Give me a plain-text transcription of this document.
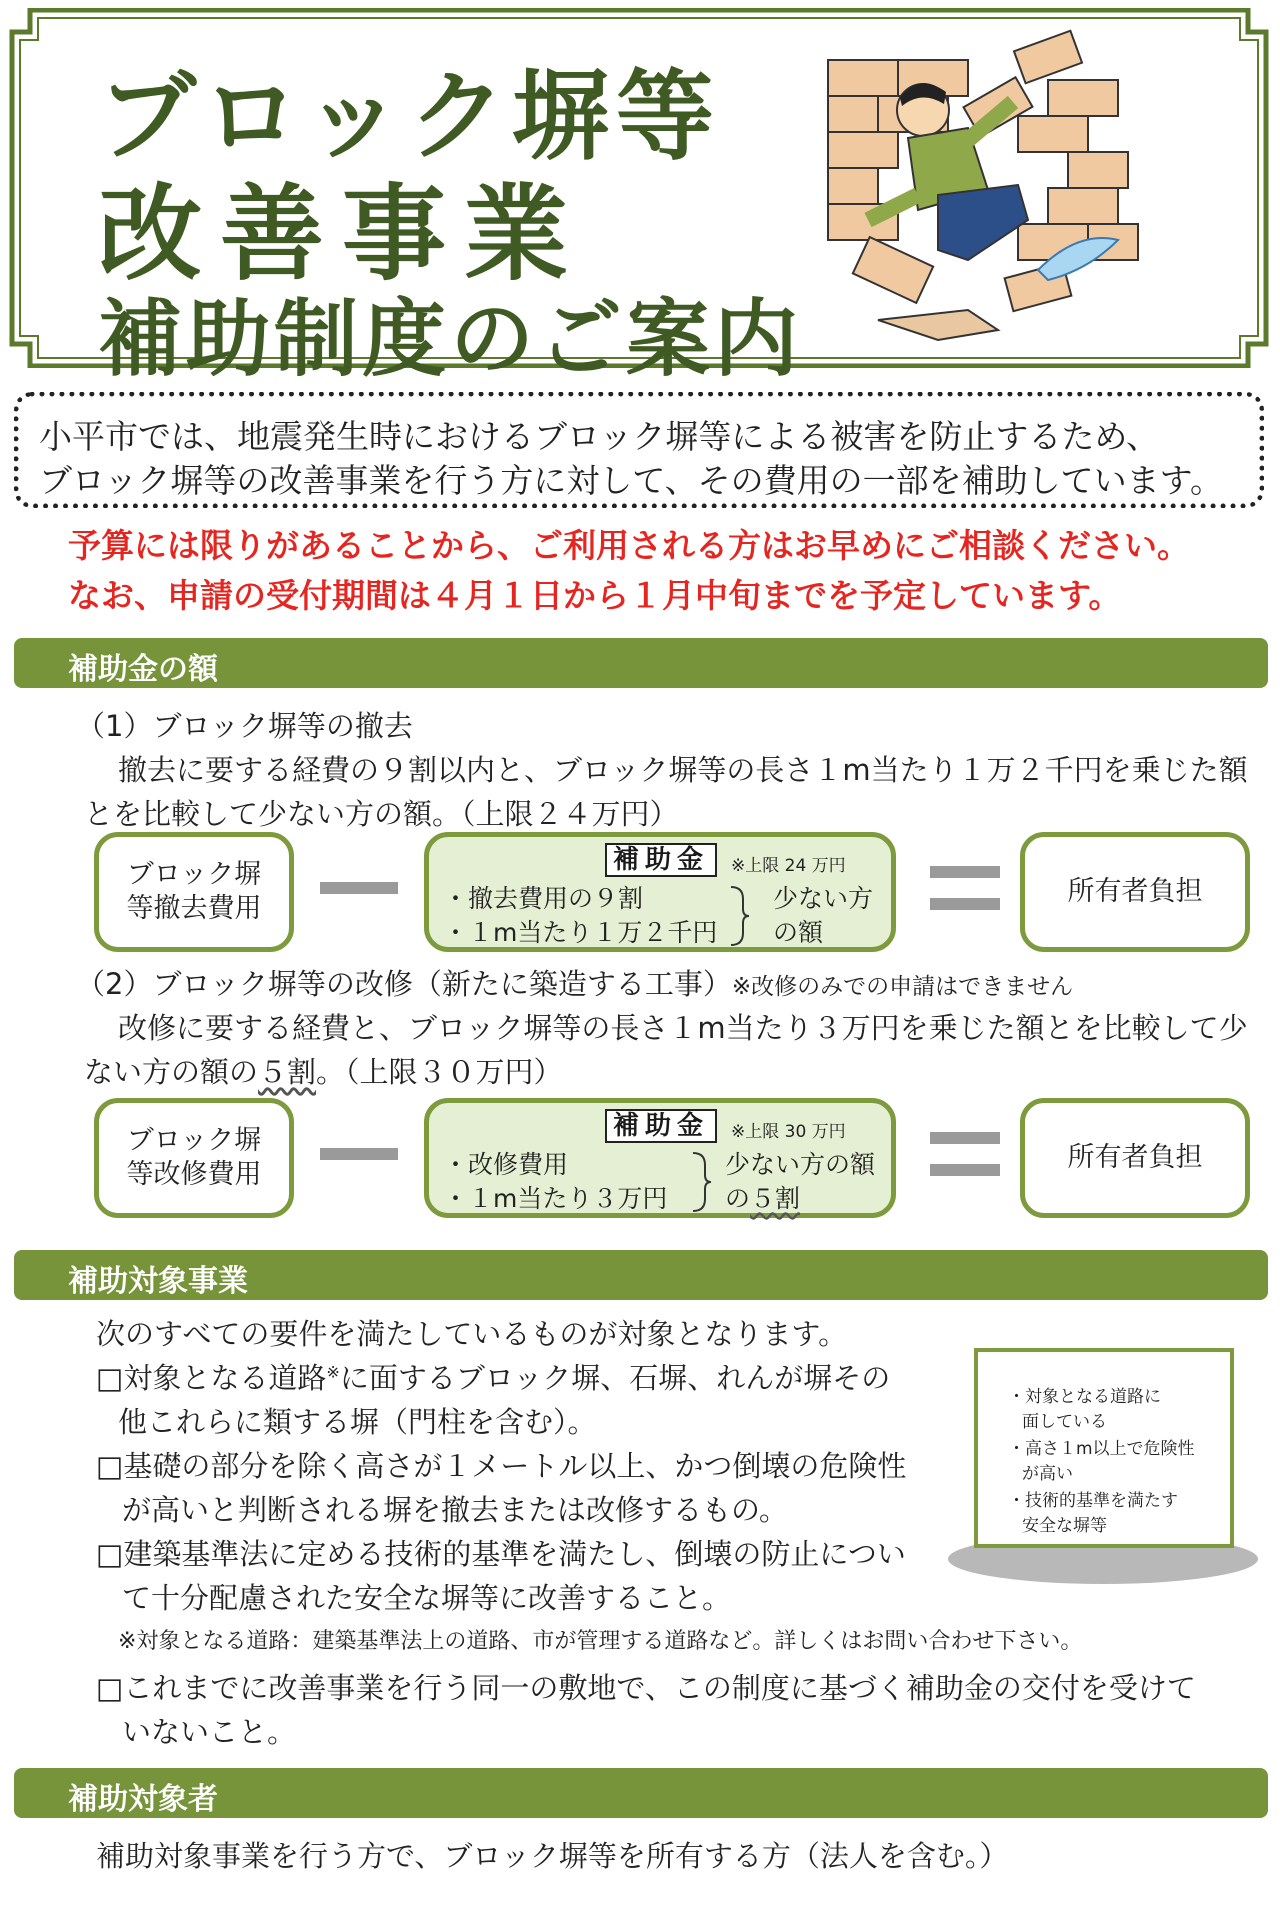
ブロック塀等
改善事業
補助制度のご案内

小平市では、地震発生時におけるブロック塀等による被害を防止するため、

ブロック塀等の改善事業を行う方に対して、その費用の一部を補助しています。

予算には限りがあることから、ご利用される方はお早めにご相談ください。
なお、申請の受付期間は４月１日から１月中旬までを予定しています。
補助金の額
（1）ブロック塀等の撤去
撤去に要する経費の９割以内と、ブロック塀等の長さ１m当たり１万２千円を乗じた額
とを比較して少ない方の額。（上限２４万円）
ブロック塀
等撤去費用
補助金	※上限 24 万円
・撤去費用の９割
・１m当たり１万２千円
少ない方
の額
所有者負担
（2）ブロック塀等の改修（新たに築造する工事）※改修のみでの申請はできません
改修に要する経費と、ブロック塀等の長さ１m当たり３万円を乗じた額とを比較して少
ない方の額の５割。（上限３０万円）
ブロック塀
等改修費用
補助金	※上限 30 万円
・改修費用
・１m当たり３万円
少ない方の額
の５割
所有者負担
補助対象事業
次のすべての要件を満たしているものが対象となります。
□対象となる道路※に面するブロック塀、石塀、れんが塀その
他これらに類する塀（門柱を含む）。
□基礎の部分を除く高さが１メートル以上、かつ倒壊の危険性
が高いと判断される塀を撤去または改修するもの。
□建築基準法に定める技術的基準を満たし、倒壊の防止につい
て十分配慮された安全な塀等に改善すること。
※対象となる道路：建築基準法上の道路、市が管理する道路など。詳しくはお問い合わせ下さい。
□これまでに改善事業を行う同一の敷地で、この制度に基づく補助金の交付を受けて
いないこと。
・対象となる道路に
面している
・高さ１m以上で危険性
が高い
・技術的基準を満たす
安全な塀等
補助対象者
補助対象事業を行う方で、ブロック塀等を所有する方（法人を含む。）
